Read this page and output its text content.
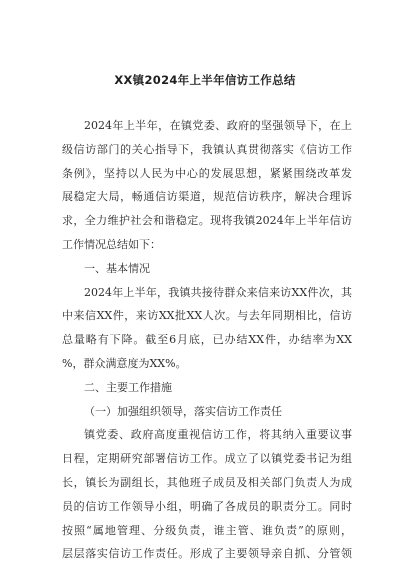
XX镇2024年上半年信访工作总结
2024年上半年，在镇党委、政府的坚强领导下，在上
级信访部门的关心指导下，我镇认真贯彻落实《信访工作
条例》，坚持以人民为中心的发展思想，紧紧围绕改革发
展稳定大局，畅通信访渠道，规范信访秩序，解决合理诉
求，全力维护社会和谐稳定。现将我镇2024年上半年信访
工作情况总结如下：
一、基本情况
2024年上半年，我镇共接待群众来信来访XX件次，其
中来信XX件，来访XX批XX人次。与去年同期相比，信访
总量略有下降。截至6月底，已办结XX件，办结率为XX
%，群众满意度为XX%。
二、主要工作措施
（一）加强组织领导，落实信访工作责任
镇党委、政府高度重视信访工作，将其纳入重要议事
日程，定期研究部署信访工作。成立了以镇党委书记为组
长，镇长为副组长，其他班子成员及相关部门负责人为成
员的信访工作领导小组，明确了各成员的职责分工。同时
按照“属地管理、分级负责，谁主管、谁负责”的原则，
层层落实信访工作责任。形成了主要领导亲自抓、分管领
